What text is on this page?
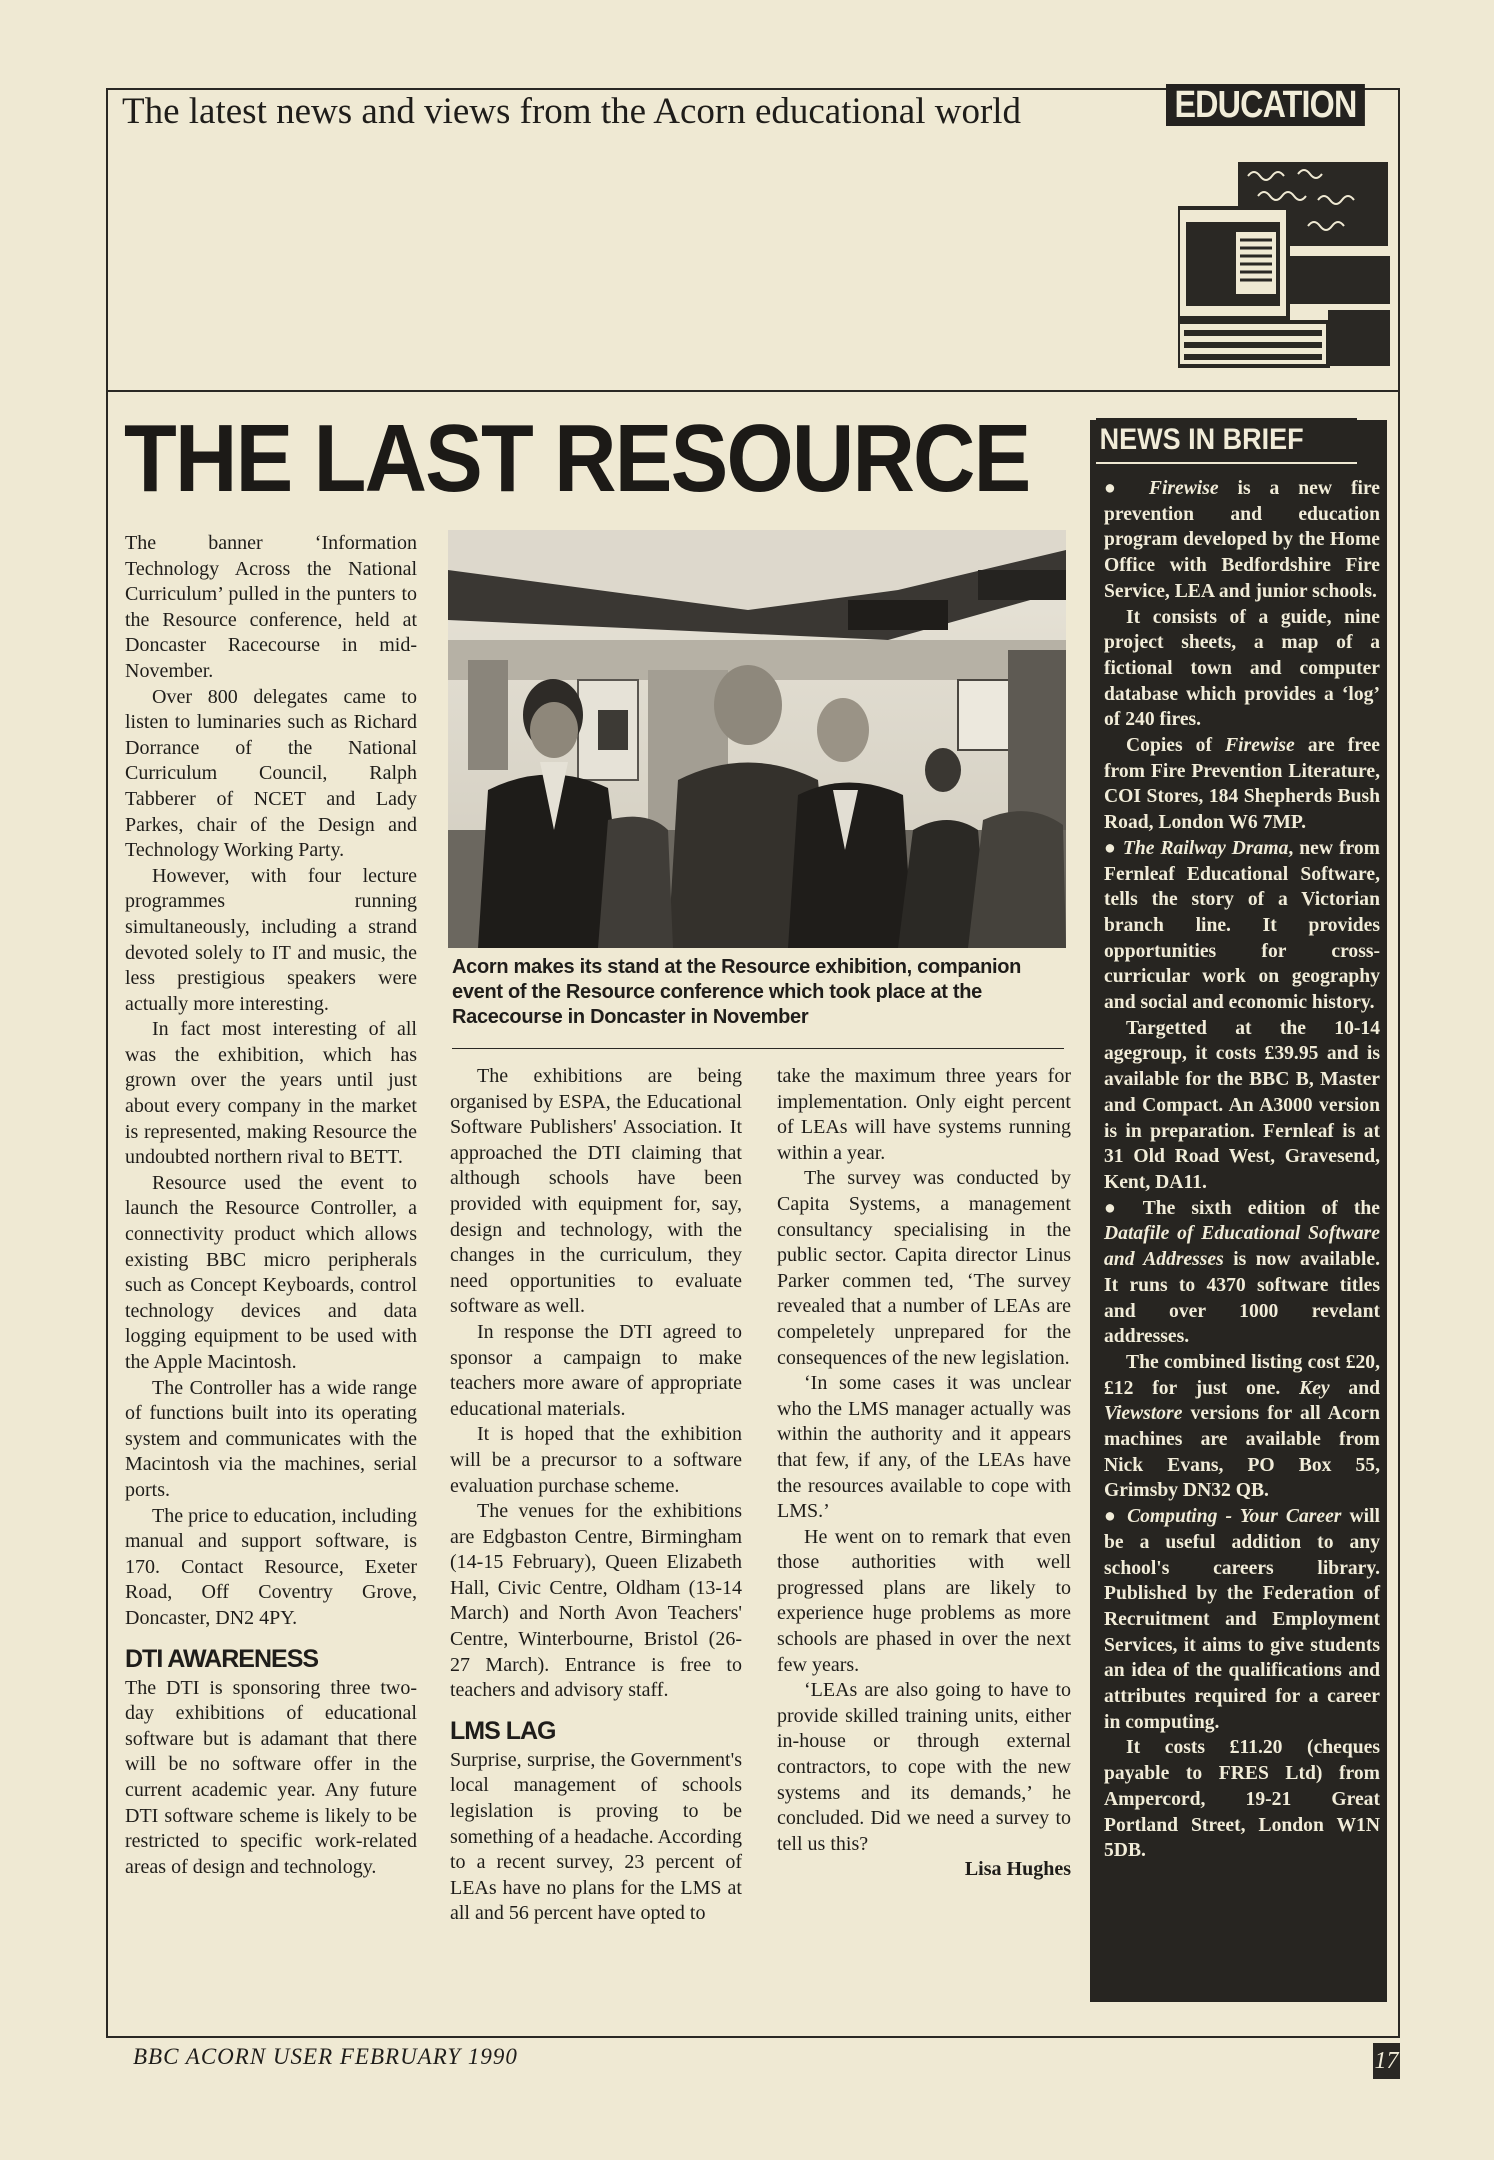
The latest news and views from the Acorn educational world	EDUCATION
THE LAST RESOURCE

The banner ‘Information Technology Across the National Curriculum’ pulled in the punters to the Resource conference, held at Doncaster Racecourse in mid-November.

Over 800 delegates came to listen to luminaries such as Richard Dorrance of the National Curriculum Council, Ralph Tabberer of NCET and Lady Parkes, chair of the Design and Technology Working Party.

However, with four lecture programmes running simultaneously, including a strand devoted solely to IT and music, the less prestigious speakers were actually more interesting.

In fact most interesting of all was the exhibition, which has grown over the years until just about every company in the market is represented, making Resource the undoubted northern rival to BETT.

Resource used the event to launch the Resource Controller, a connectivity product which allows existing BBC micro peripherals such as Concept Keyboards, control technology devices and data logging equipment to be used with the Apple Macintosh.

The Controller has a wide range of functions built into its operating system and communicates with the Macintosh via the machines, serial ports.

The price to education, including manual and support software, is 170. Contact Resource, Exeter Road, Off Coventry Grove, Doncaster, DN2 4PY.

DTI AWARENESS

The DTI is sponsoring three two-day exhibitions of educational software but is adamant that there will be no software offer in the current academic year. Any future DTI software scheme is likely to be restricted to specific work-related areas of design and technology.

Acorn makes its stand at the Resource exhibition, companion event of the Resource conference which took place at the Racecourse in Doncaster in November

The exhibitions are being organised by ESPA, the Educational Software Publishers' Association. It approached the DTI claiming that although schools have been provided with equipment for, say, design and technology, with the changes in the curriculum, they need opportunities to evaluate software as well.

In response the DTI agreed to sponsor a campaign to make teachers more aware of appropriate educational materials.

It is hoped that the exhibition will be a precursor to a software evaluation purchase scheme.

The venues for the exhibitions are Edgbaston Centre, Birmingham (14-15 February), Queen Elizabeth Hall, Civic Centre, Oldham (13-14 March) and North Avon Teachers' Centre, Winterbourne, Bristol (26-27 March). Entrance is free to teachers and advisory staff.

LMS LAG

Surprise, surprise, the Government's local management of schools legislation is proving to be something of a headache. According to a recent survey, 23 percent of LEAs have no plans for the LMS at all and 56 percent have opted to

take the maximum three years for implementation. Only eight percent of LEAs will have systems running within a year.

The survey was conducted by Capita Systems, a management consultancy specialising in the public sector. Capita director Linus Parker commen ted, ‘The survey revealed that a number of LEAs are compeletely unprepared for the consequences of the new legislation.

‘In some cases it was unclear who the LMS manager actually was within the authority and it appears that few, if any, of the LEAs have the resources available to cope with LMS.’

He went on to remark that even those authorities with well progressed plans are likely to experience huge problems as more schools are phased in over the next few years.

‘LEAs are also going to have to provide skilled training units, either in-house or through external contractors, to cope with the new systems and its demands,’ he concluded. Did we need a survey to tell us this?

Lisa Hughes

NEWS IN BRIEF

● Firewise is a new fire prevention and education program developed by the Home Office with Bedfordshire Fire Service, LEA and junior schools.

It consists of a guide, nine project sheets, a map of a fictional town and computer database which provides a ‘log’ of 240 fires.

Copies of Firewise are free from Fire Prevention Literature, COI Stores, 184 Shepherds Bush Road, London W6 7MP.

● The Railway Drama, new from Fernleaf Educational Software, tells the story of a Victorian branch line. It provides opportunities for cross-curricular work on geography and social and economic history.

Targetted at the 10-14 agegroup, it costs £39.95 and is available for the BBC B, Master and Compact. An A3000 version is in preparation. Fernleaf is at 31 Old Road West, Gravesend, Kent, DA11.

● The sixth edition of the Datafile of Educational Software and Addresses is now available. It runs to 4370 software titles and over 1000 revelant addresses.

The combined listing cost £20, £12 for just one. Key and Viewstore versions for all Acorn machines are available from Nick Evans, PO Box 55, Grimsby DN32 QB.

● Computing - Your Career will be a useful addition to any school's careers library. Published by the Federation of Recruitment and Employment Services, it aims to give students an idea of the qualifications and attributes required for a career in computing.

It costs £11.20 (cheques payable to FRES Ltd) from Ampercord, 19-21 Great Portland Street, London W1N 5DB.

BBC ACORN USER FEBRUARY 1990	17
